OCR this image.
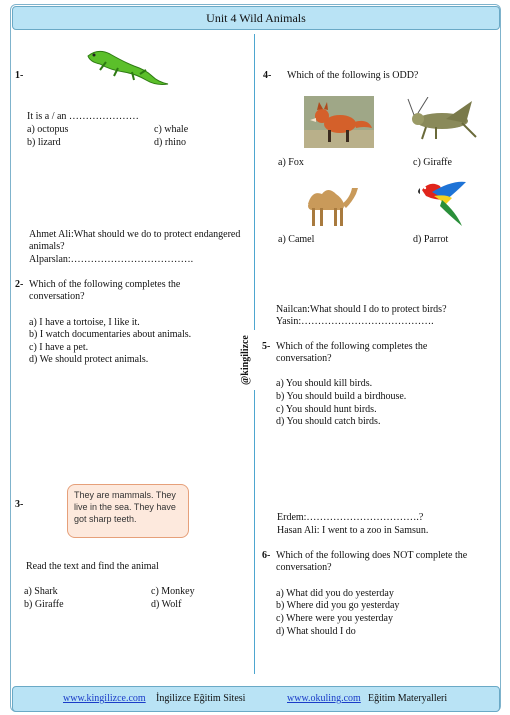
Unit 4 Wild Animals
@kingilizce
1-
It is a / an …………………
a) octopus	c) whale
b) lizard	d) rhino
Ahmet Ali:What should we do to protect endangered
animals?
Alparslan:……………………………….
2- Which of the following completes the
conversation?
a) I have a tortoise, I like it.
b) I watch documentaries about animals.
c) I have a pet.
d) We should protect animals.
3-
They are mammals. They live in the sea. They have got sharp teeth.
Read the text and find the animal
a) Shark	c) Monkey
b) Giraffe	d) Wolf
4- Which of the following is ODD?
a) Fox	c) Giraffe
a) Camel	d) Parrot
Nailcan:What should I do to protect birds?
Yasin:………………………………….
5- Which of the following completes the
conversation?
a) You should kill birds.
b) You should build a birdhouse.
c) You should hunt birds.
d) You should catch birds.
Erdem:…………………………….?
Hasan Ali: I went to a zoo in Samsun.
6- Which of the following does NOT complete the
conversation?
a) What did you do yesterday
b) Where did you go yesterday
c) Where were you yesterday
d) What should I do
www.kingilizce.com İngilizce Eğitim Sitesi	www.okuling.com Eğitim Materyalleri
